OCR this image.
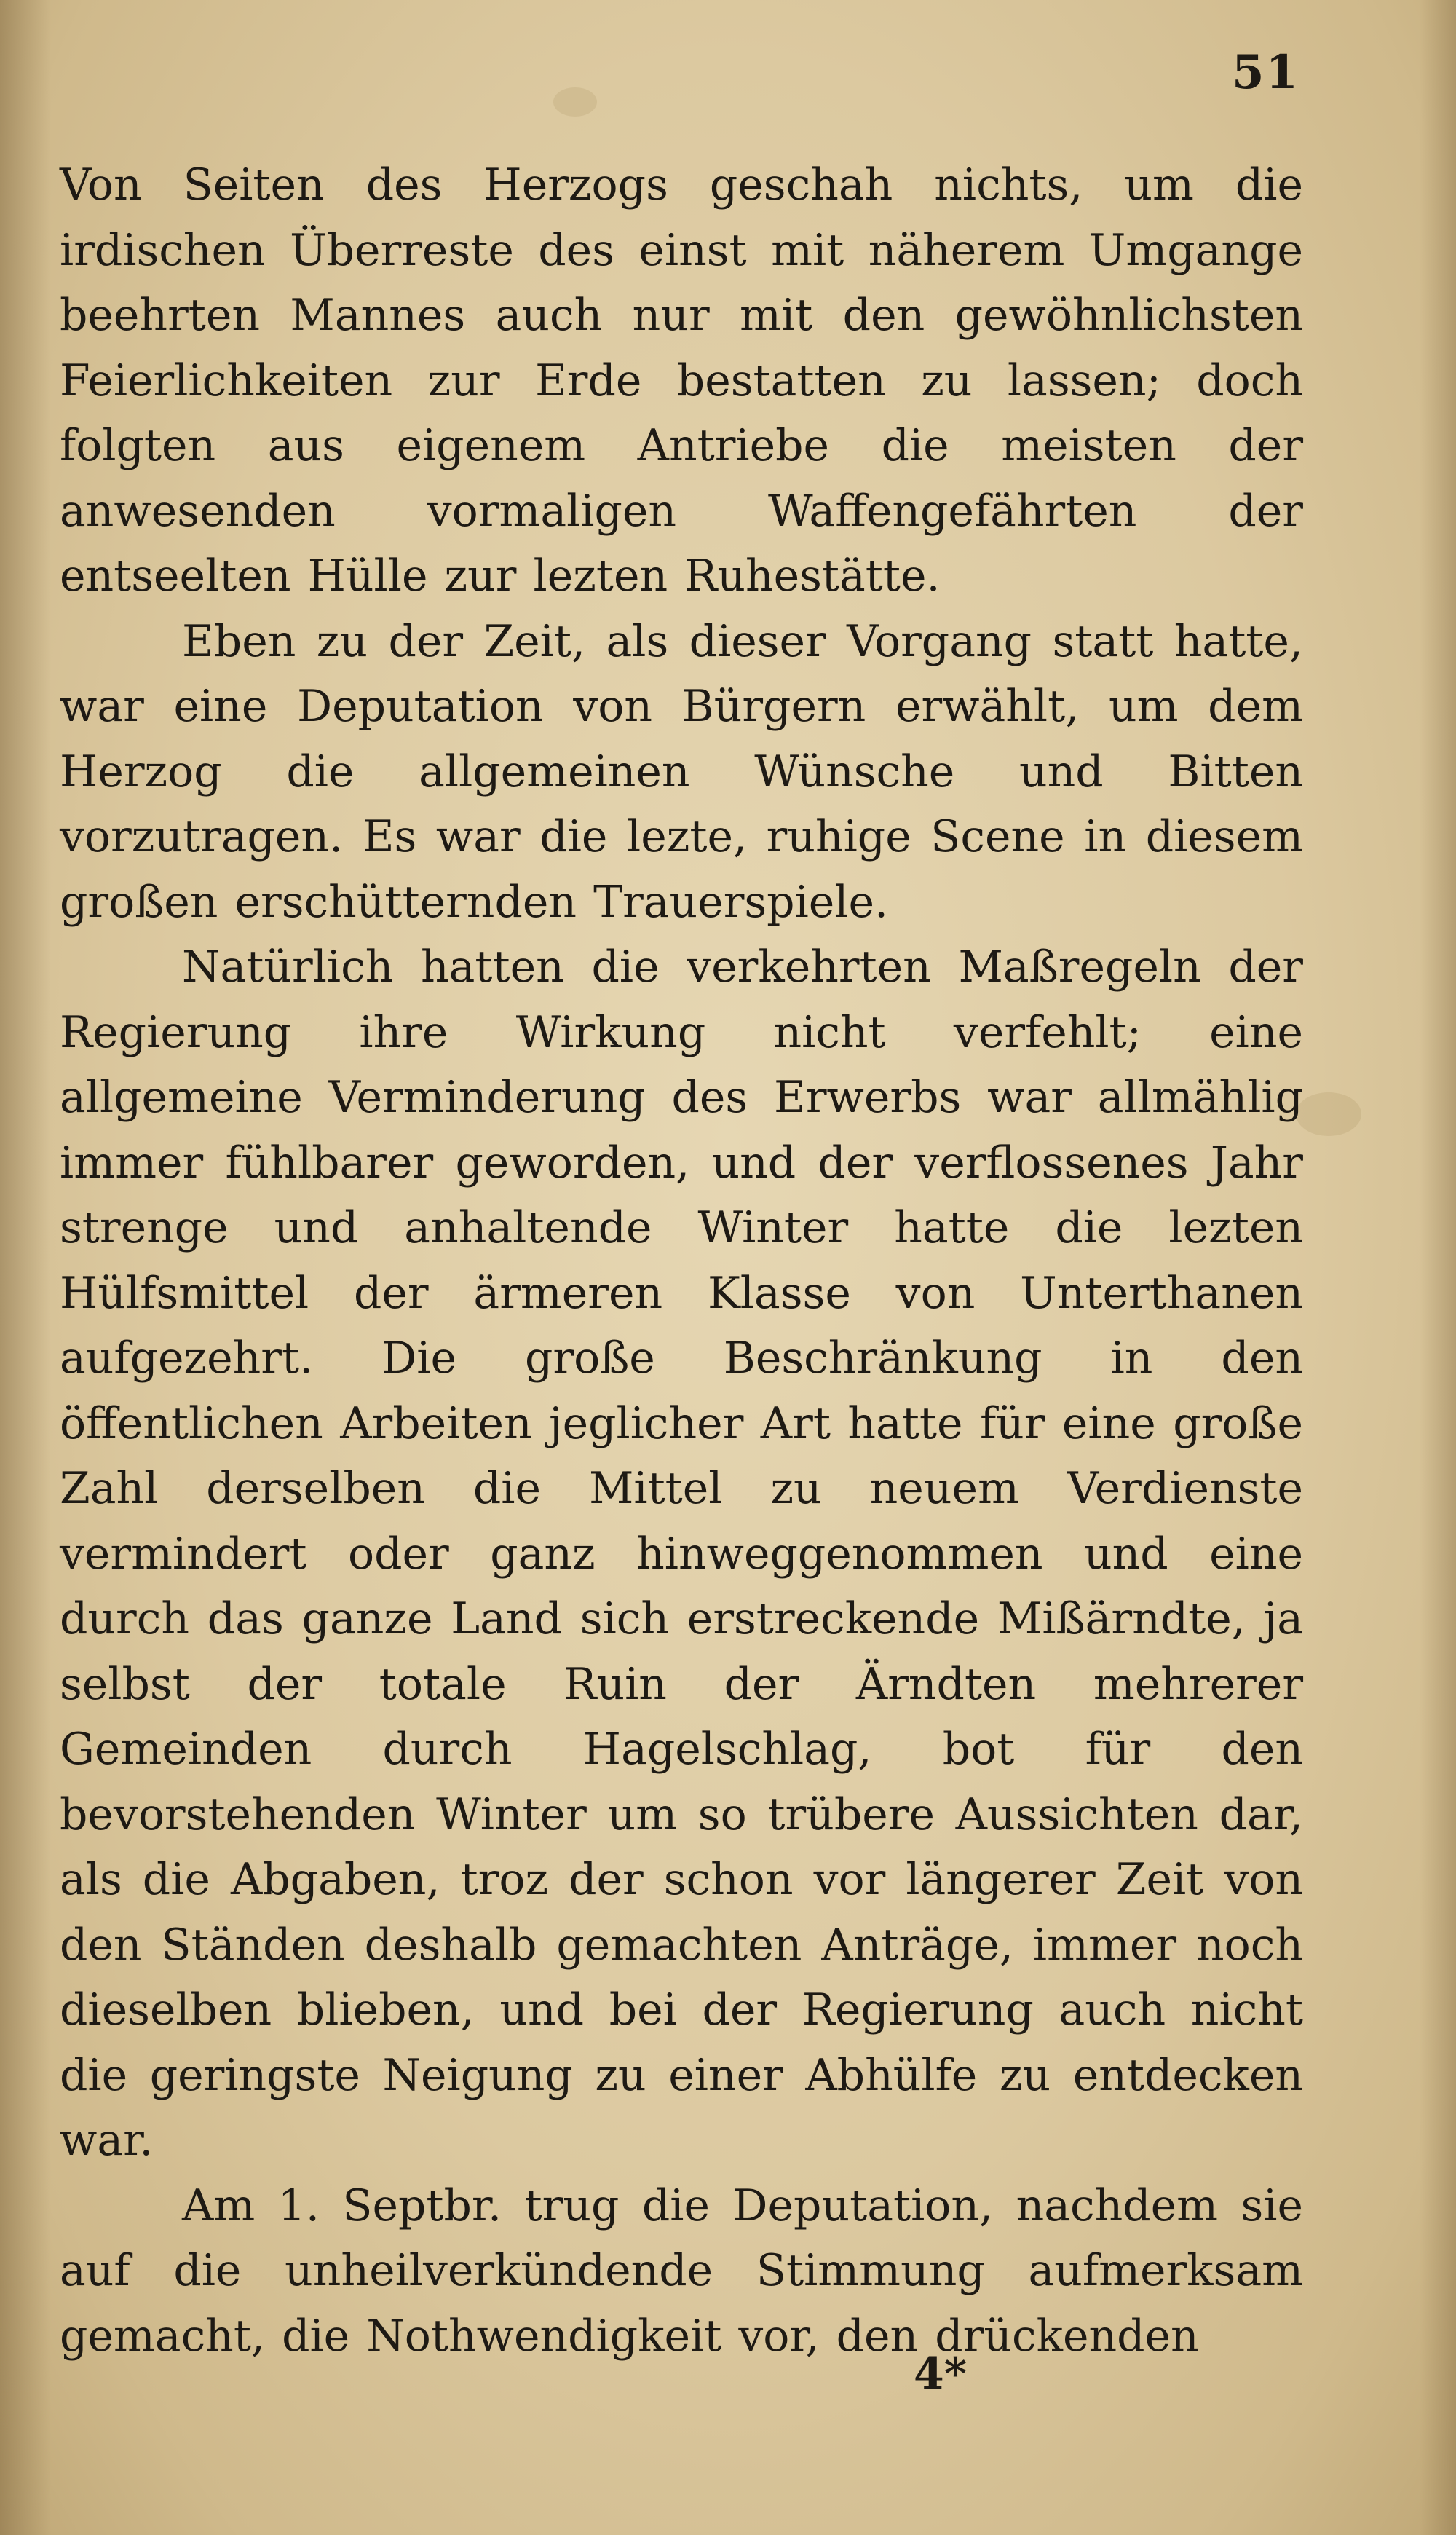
51

Von Seiten des Herzogs geschah nichts, um die irdischen Überreste des einst mit näherem Umgange beehrten Mannes auch nur mit den gewöhnlichsten Feierlichkeiten zur Erde bestatten zu lassen; doch folgten aus eigenem Antriebe die meisten der anwesenden vormaligen Waffengefährten der entseelten Hülle zur lezten Ruhestätte.

Eben zu der Zeit, als dieser Vorgang statt hatte, war eine Deputation von Bürgern erwählt, um dem Herzog die allgemeinen Wünsche und Bitten vorzutragen. Es war die lezte, ruhige Scene in diesem großen erschütternden Trauerspiele.

Natürlich hatten die verkehrten Maßregeln der Regierung ihre Wirkung nicht verfehlt; eine allgemeine Verminderung des Erwerbs war allmählig immer fühlbarer geworden, und der verflossenes Jahr strenge und anhaltende Winter hatte die lezten Hülfsmittel der ärmeren Klasse von Unterthanen aufgezehrt. Die große Beschränkung in den öffentlichen Arbeiten jeglicher Art hatte für eine große Zahl derselben die Mittel zu neuem Verdienste vermindert oder ganz hinweggenommen und eine durch das ganze Land sich erstreckende Mißärndte, ja selbst der totale Ruin der Ärndten mehrerer Gemeinden durch Hagelschlag, bot für den bevorstehenden Winter um so trübere Aussichten dar, als die Abgaben, troz der schon vor längerer Zeit von den Ständen deshalb gemachten Anträge, immer noch dieselben blieben, und bei der Regierung auch nicht die geringste Neigung zu einer Abhülfe zu entdecken war.

Am 1. Septbr. trug die Deputation, nachdem sie auf die unheilverkündende Stimmung aufmerksam gemacht, die Nothwendigkeit vor, den drückenden

4*
